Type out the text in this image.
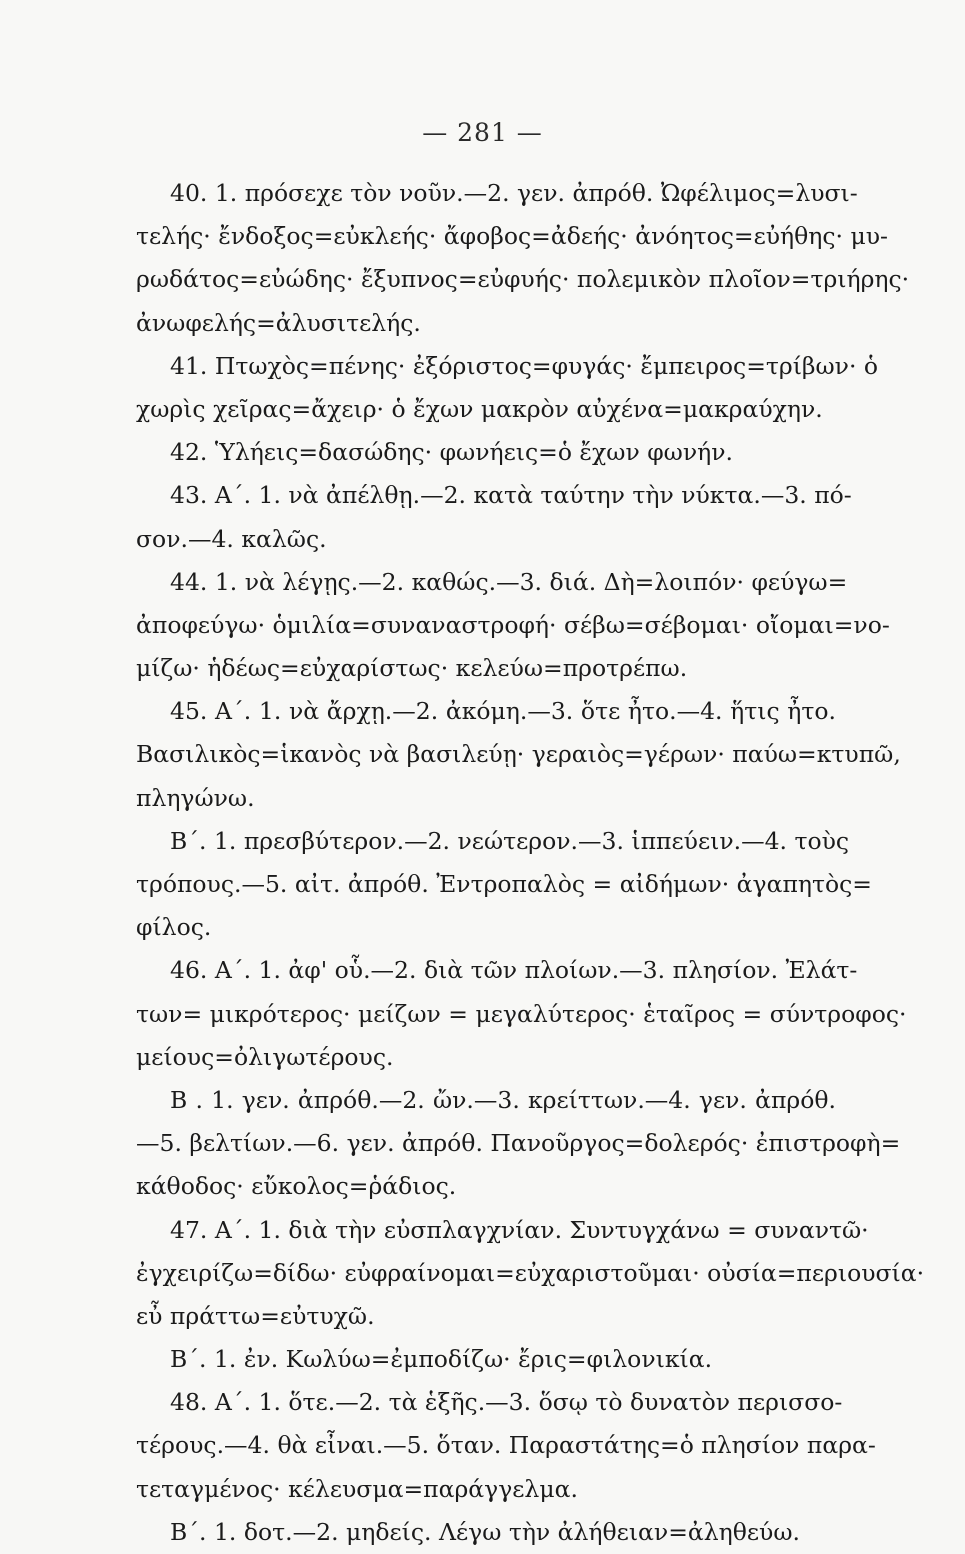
— 281 —
40. 1. πρόσεχε τὸν νοῦν.—2. γεν. ἀπρόθ. Ὠφέλιμος=λυσι-
τελής· ἔνδοξος=εὐκλεής· ἄφοβος=ἀδεής· ἀνόητος=εὐήθης· μυ-
ρωδάτος=εὐώδης· ἔξυπνος=εὐφυής· πολεμικὸν πλοῖον=τριήρης·
ἀνωφελής=ἀλυσιτελής.
41. Πτωχὸς=πένης· ἐξόριστος=φυγάς· ἔμπειρος=τρίβων· ὁ
χωρὶς χεῖρας=ἄχειρ· ὁ ἔχων μακρὸν αὐχένα=μακραύχην.
42. Ὑλήεις=δασώδης· φωνήεις=ὁ ἔχων φωνήν.
43. Α΄. 1. νὰ ἀπέλθῃ.—2. κατὰ ταύτην τὴν νύκτα.—3. πό-
σον.—4. καλῶς.
44. 1. νὰ λέγῃς.—2. καθώς.—3. διά. Δὴ=λοιπόν· φεύγω=
ἀποφεύγω· ὁμιλία=συναναστροφή· σέβω=σέβομαι· οἴομαι=νο-
μίζω· ἡδέως=εὐχαρίστως· κελεύω=προτρέπω.
45. Α΄. 1. νὰ ἄρχῃ.—2. ἀκόμη.—3. ὅτε ἦτο.—4. ἥτις ἦτο.
Βασιλικὸς=ἱκανὸς νὰ βασιλεύῃ· γεραιὸς=γέρων· παύω=κτυπῶ,
πληγώνω.
Β΄. 1. πρεσβύτερον.—2. νεώτερον.—3. ἱππεύειν.—4. τοὺς
τρόπους.—5. αἰτ. ἀπρόθ. Ἐντροπαλὸς = αἰδήμων· ἀγαπητὸς=
φίλος.
46. Α΄. 1. ἀφ' οὗ.—2. διὰ τῶν πλοίων.—3. πλησίον. Ἐλάτ-
των= μικρότερος· μείζων = μεγαλύτερος· ἑταῖρος = σύντροφος·
μείους=ὀλιγωτέρους.
Β . 1. γεν. ἀπρόθ.—2. ὤν.—3. κρείττων.—4. γεν. ἀπρόθ.
—5. βελτίων.—6. γεν. ἀπρόθ. Πανοῦργος=δολερός· ἐπιστροφὴ=
κάθοδος· εὔκολος=ῥάδιος.
47. Α΄. 1. διὰ τὴν εὐσπλαγχνίαν. Συντυγχάνω = συναντῶ·
ἐγχειρίζω=δίδω· εὐφραίνομαι=εὐχαριστοῦμαι· οὐσία=περιουσία·
εὖ πράττω=εὐτυχῶ.
Β΄. 1. ἐν. Κωλύω=ἐμποδίζω· ἔρις=φιλονικία.
48. Α΄. 1. ὅτε.—2. τὰ ἑξῆς.—3. ὅσῳ τὸ δυνατὸν περισσο-
τέρους.—4. θὰ εἶναι.—5. ὅταν. Παραστάτης=ὁ πλησίον παρα-
τεταγμένος· κέλευσμα=παράγγελμα.
Β΄. 1. δοτ.—2. μηδείς. Λέγω τὴν ἀλήθειαν=ἀληθεύω.
